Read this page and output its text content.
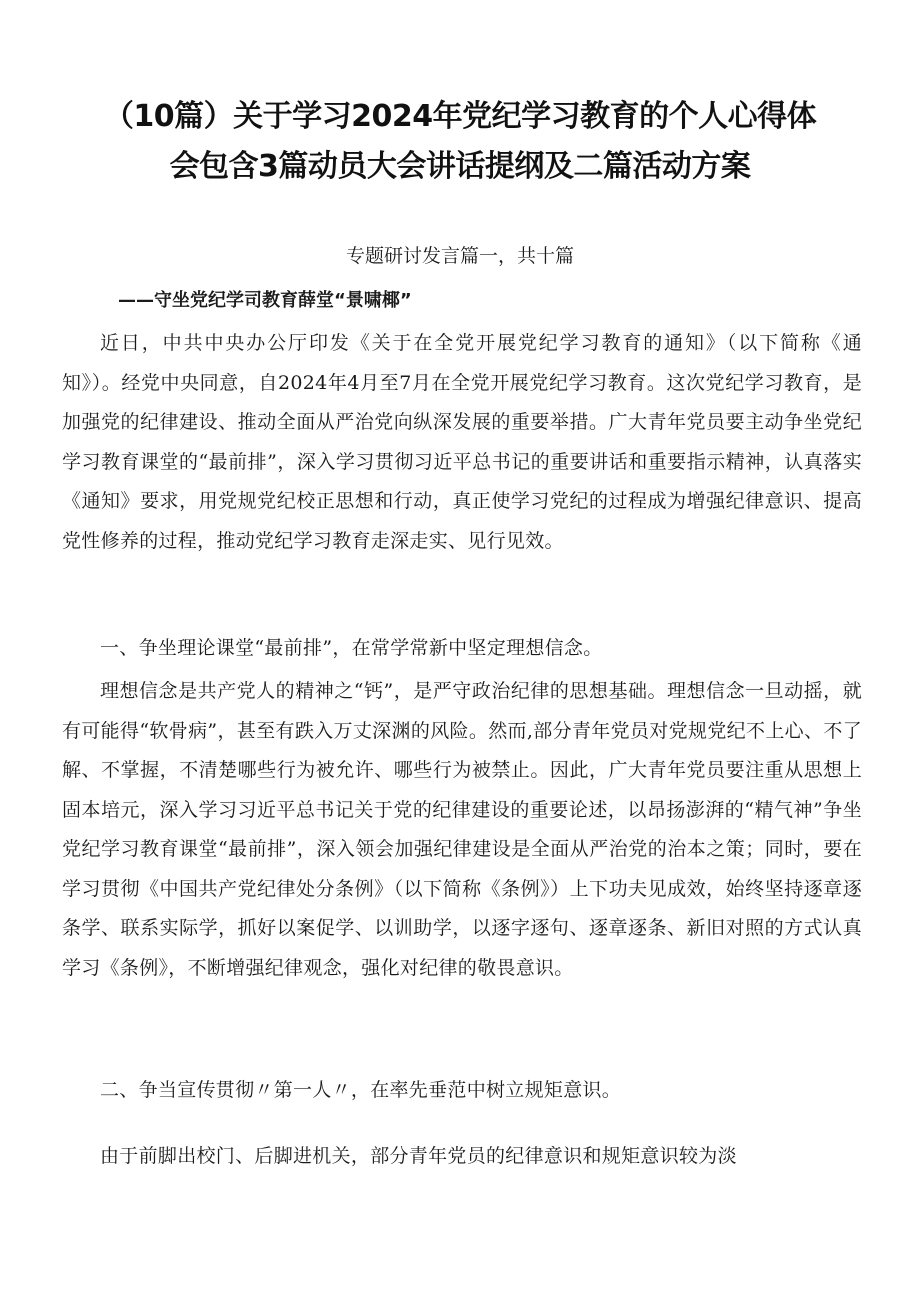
（10篇）关于学习2024年党纪学习教育的个人心得体
会包含3篇动员大会讲话提纲及二篇活动方案
专题研讨发言篇一，共十篇
——守坐党纪学司教育薛堂“景啸椰”

近日，中共中央办公厅印发《关于在全党开展党纪学习教育的通知》（以下简称《通知》）。经党中央同意，自2024年4月至7月在全党开展党纪学习教育。这次党纪学习教育，是加强党的纪律建设、推动全面从严治党向纵深发展的重要举措。广大青年党员要主动争坐党纪学习教育课堂的“最前排”，深入学习贯彻习近平总书记的重要讲话和重要指示精神，认真落实《通知》要求，用党规党纪校正思想和行动，真正使学习党纪的过程成为增强纪律意识、提高党性修养的过程，推动党纪学习教育走深走实、见行见效。

一、争坐理论课堂“最前排”，在常学常新中坚定理想信念。

理想信念是共产党人的精神之“钙”，是严守政治纪律的思想基础。理想信念一旦动摇，就有可能得“软骨病”，甚至有跌入万丈深渊的风险。然而,部分青年党员对党规党纪不上心、不了解、不掌握，不清楚哪些行为被允许、哪些行为被禁止。因此，广大青年党员要注重从思想上固本培元，深入学习习近平总书记关于党的纪律建设的重要论述，以昂扬澎湃的“精气神”争坐党纪学习教育课堂“最前排”，深入领会加强纪律建设是全面从严治党的治本之策；同时，要在学习贯彻《中国共产党纪律处分条例》（以下简称《条例》）上下功夫见成效，始终坚持逐章逐条学、联系实际学，抓好以案促学、以训助学，以逐字逐句、逐章逐条、新旧对照的方式认真学习《条例》，不断增强纪律观念，强化对纪律的敬畏意识。

二、争当宣传贯彻〃第一人〃，在率先垂范中树立规矩意识。

由于前脚出校门、后脚进机关，部分青年党员的纪律意识和规矩意识较为淡
